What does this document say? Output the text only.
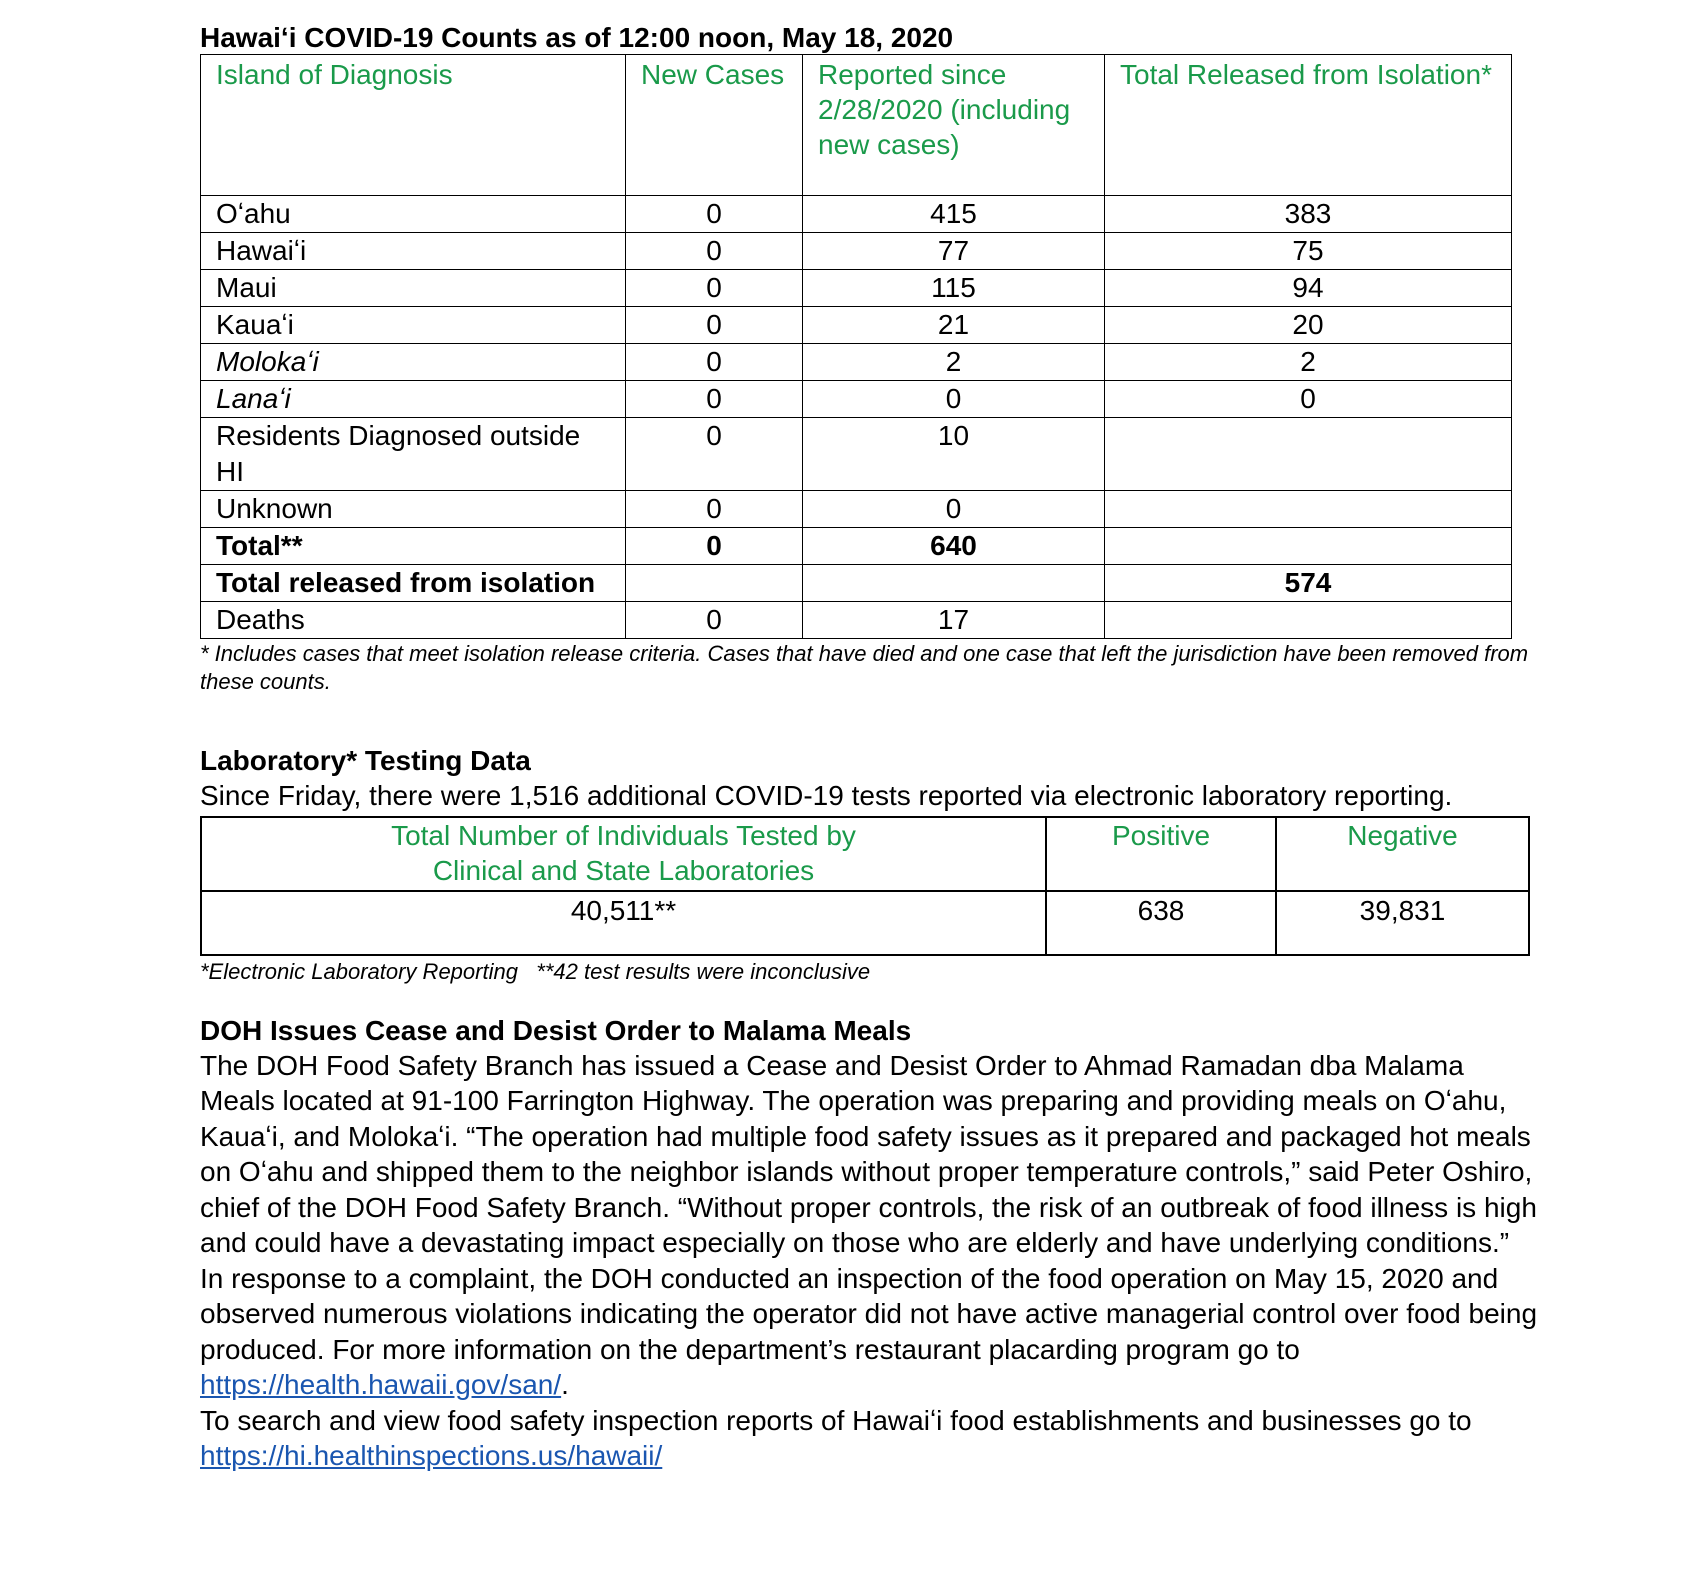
Hawaiʻi COVID-19 Counts as of 12:00 noon, May 18, 2020

Island of Diagnosis	New Cases	Reported since 2/28/2020 (including new cases)	Total Released from Isolation*
Oʻahu	0	415	383
Hawaiʻi	0	77	75
Maui	0	115	94
Kauaʻi	0	21	20
Molokaʻi	0	2	2
Lanaʻi	0	0	0
Residents Diagnosed outside HI	0	10	
Unknown	0	0	
Total**	0	640	
Total released from isolation			574
Deaths	0	17	

* Includes cases that meet isolation release criteria. Cases that have died and one case that left the jurisdiction have been removed from these counts.

Laboratory* Testing Data

Since Friday, there were 1,516 additional COVID-19 tests reported via electronic laboratory reporting.

Total Number of Individuals Tested by Clinical and State Laboratories	Positive	Negative
40,511**	638	39,831

*Electronic Laboratory Reporting   **42 test results were inconclusive

DOH Issues Cease and Desist Order to Malama Meals

The DOH Food Safety Branch has issued a Cease and Desist Order to Ahmad Ramadan dba Malama Meals located at 91-100 Farrington Highway. The operation was preparing and providing meals on Oʻahu, Kauaʻi, and Molokaʻi. “The operation had multiple food safety issues as it prepared and packaged hot meals on Oʻahu and shipped them to the neighbor islands without proper temperature controls,” said Peter Oshiro, chief of the DOH Food Safety Branch. “Without proper controls, the risk of an outbreak of food illness is high and could have a devastating impact especially on those who are elderly and have underlying conditions.” In response to a complaint, the DOH conducted an inspection of the food operation on May 15, 2020 and observed numerous violations indicating the operator did not have active managerial control over food being produced. For more information on the department’s restaurant placarding program go to https://health.hawaii.gov/san/.
To search and view food safety inspection reports of Hawaiʻi food establishments and businesses go to https://hi.healthinspections.us/hawaii/
